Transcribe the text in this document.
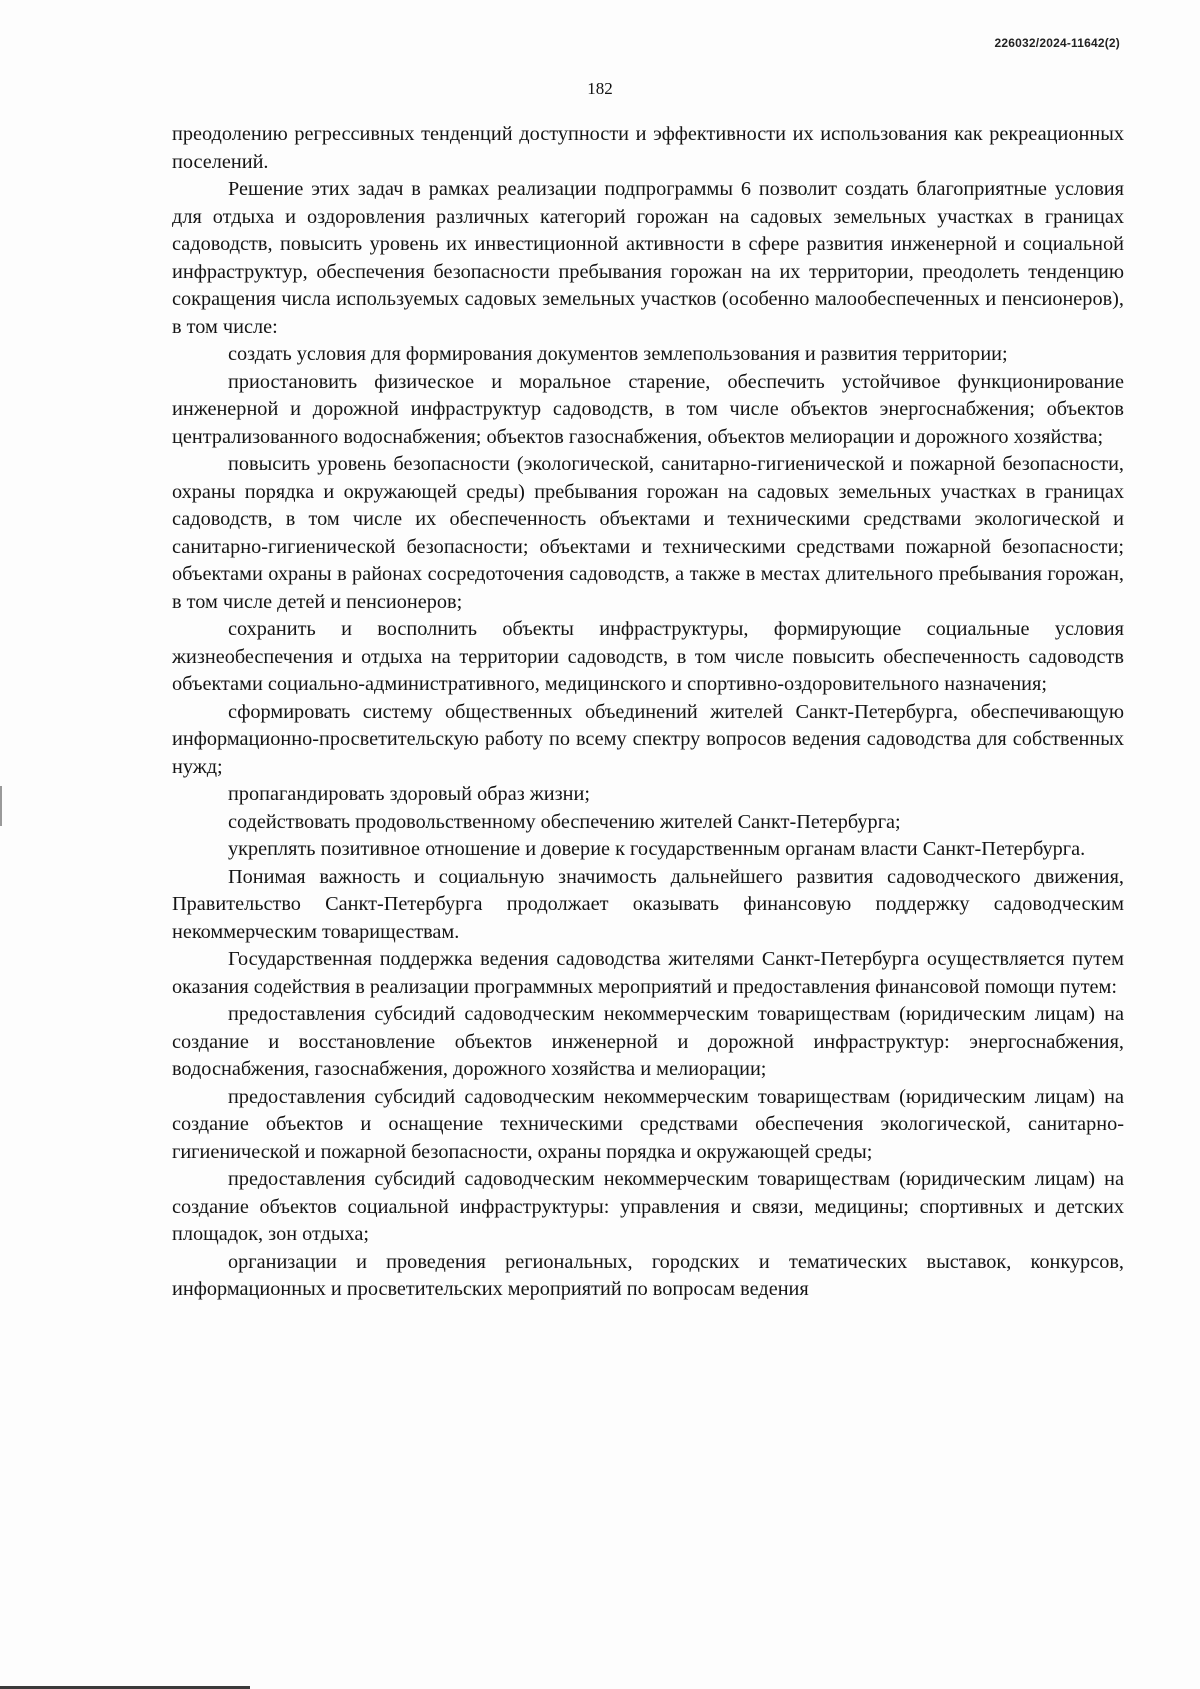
226032/2024-11642(2)
182

преодолению регрессивных тенденций доступности и эффективности их использования как рекреационных поселений.

Решение этих задач в рамках реализации подпрограммы 6 позволит создать благоприятные условия для отдыха и оздоровления различных категорий горожан на садовых земельных участках в границах садоводств, повысить уровень их инвестиционной активности в сфере развития инженерной и социальной инфраструктур, обеспечения безопасности пребывания горожан на их территории, преодолеть тенденцию сокращения числа используемых садовых земельных участков (особенно малообеспеченных и пенсионеров), в том числе:

создать условия для формирования документов землепользования и развития территории;

приостановить физическое и моральное старение, обеспечить устойчивое функционирование инженерной и дорожной инфраструктур садоводств, в том числе объектов энергоснабжения; объектов централизованного водоснабжения; объектов газоснабжения, объектов мелиорации и дорожного хозяйства;

повысить уровень безопасности (экологической, санитарно-гигиенической и пожарной безопасности, охраны порядка и окружающей среды) пребывания горожан на садовых земельных участках в границах садоводств, в том числе их обеспеченность объектами и техническими средствами экологической и санитарно-гигиенической безопасности; объектами и техническими средствами пожарной безопасности; объектами охраны в районах сосредоточения садоводств, а также в местах длительного пребывания горожан, в том числе детей и пенсионеров;

сохранить и восполнить объекты инфраструктуры, формирующие социальные условия жизнеобеспечения и отдыха на территории садоводств, в том числе повысить обеспеченность садоводств объектами социально-административного, медицинского и спортивно-оздоровительного назначения;

сформировать систему общественных объединений жителей Санкт-Петербурга, обеспечивающую информационно-просветительскую работу по всему спектру вопросов ведения садоводства для собственных нужд;

пропагандировать здоровый образ жизни;

содействовать продовольственному обеспечению жителей Санкт-Петербурга;

укреплять позитивное отношение и доверие к государственным органам власти Санкт-Петербурга.

Понимая важность и социальную значимость дальнейшего развития садоводческого движения, Правительство Санкт-Петербурга продолжает оказывать финансовую поддержку садоводческим некоммерческим товариществам.

Государственная поддержка ведения садоводства жителями Санкт-Петербурга осуществляется путем оказания содействия в реализации программных мероприятий и предоставления финансовой помощи путем:

предоставления субсидий садоводческим некоммерческим товариществам (юридическим лицам) на создание и восстановление объектов инженерной и дорожной инфраструктур: энергоснабжения, водоснабжения, газоснабжения, дорожного хозяйства и мелиорации;

предоставления субсидий садоводческим некоммерческим товариществам (юридическим лицам) на создание объектов и оснащение техническими средствами обеспечения экологической, санитарно-гигиенической и пожарной безопасности, охраны порядка и окружающей среды;

предоставления субсидий садоводческим некоммерческим товариществам (юридическим лицам) на создание объектов социальной инфраструктуры: управления и связи, медицины; спортивных и детских площадок, зон отдыха;

организации и проведения региональных, городских и тематических выставок, конкурсов, информационных и просветительских мероприятий по вопросам ведения
